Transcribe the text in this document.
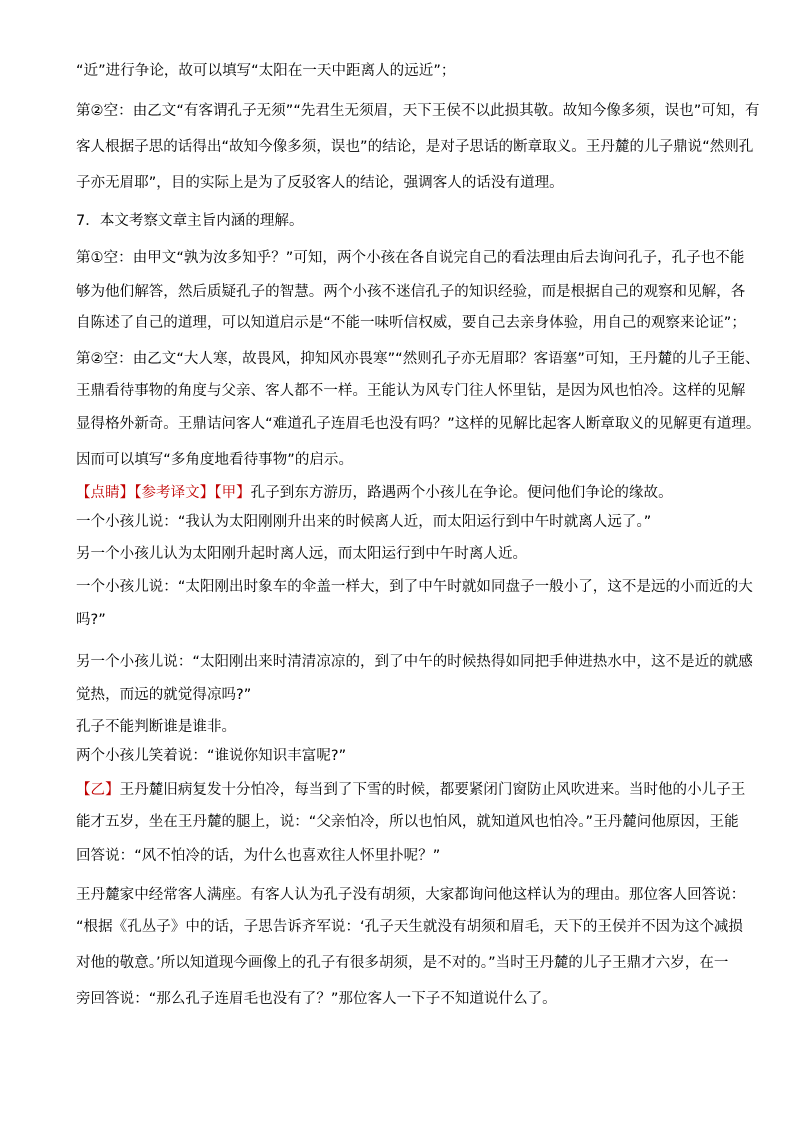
“近”进行争论，故可以填写“太阳在一天中距离人的远近”；
第②空：由乙文“有客谓孔子无须”“先君生无须眉，天下王侯不以此损其敬。故知今像多须，误也”可知，有
客人根据子思的话得出“故知今像多须，误也”的结论，是对子思话的断章取义。王丹麓的儿子鼎说“然则孔
子亦无眉耶”，目的实际上是为了反驳客人的结论，强调客人的话没有道理。
7．本文考察文章主旨内涵的理解。
第①空：由甲文“孰为汝多知乎？”可知，两个小孩在各自说完自己的看法理由后去询问孔子，孔子也不能
够为他们解答，然后质疑孔子的智慧。两个小孩不迷信孔子的知识经验，而是根据自己的观察和见解，各
自陈述了自己的道理，可以知道启示是“不能一味听信权威，要自己去亲身体验，用自己的观察来论证”；
第②空：由乙文“大人寒，故畏风，抑知风亦畏寒”“然则孔子亦无眉耶？客语塞”可知，王丹麓的儿子王能、
王鼎看待事物的角度与父亲、客人都不一样。王能认为风专门往人怀里钻，是因为风也怕冷。这样的见解
显得格外新奇。王鼎诘问客人“难道孔子连眉毛也没有吗？”这样的见解比起客人断章取义的见解更有道理。
因而可以填写“多角度地看待事物”的启示。
【点睛】【参考译文】【甲】孔子到东方游历，路遇两个小孩儿在争论。便问他们争论的缘故。
一个小孩儿说：“我认为太阳刚刚升出来的时候离人近，而太阳运行到中午时就离人远了。”
另一个小孩儿认为太阳刚升起时离人远，而太阳运行到中午时离人近。
一个小孩儿说：“太阳刚出时象车的伞盖一样大，到了中午时就如同盘子一般小了，这不是远的小而近的大
吗?”
另一个小孩儿说：“太阳刚出来时清清凉凉的，到了中午的时候热得如同把手伸进热水中，这不是近的就感
觉热，而远的就觉得凉吗?”
孔子不能判断谁是谁非。
两个小孩儿笑着说：“谁说你知识丰富呢?”
【乙】王丹麓旧病复发十分怕冷，每当到了下雪的时候，都要紧闭门窗防止风吹进来。当时他的小儿子王
能才五岁，坐在王丹麓的腿上，说：“父亲怕冷，所以也怕风，就知道风也怕冷。”王丹麓问他原因，王能
回答说：“风不怕冷的话，为什么也喜欢往人怀里扑呢？”
王丹麓家中经常客人满座。有客人认为孔子没有胡须，大家都询问他这样认为的理由。那位客人回答说：
“根据《孔丛子》中的话，子思告诉齐军说：‘孔子天生就没有胡须和眉毛，天下的王侯并不因为这个减损
对他的敬意。’所以知道现今画像上的孔子有很多胡须，是不对的。”当时王丹麓的儿子王鼎才六岁，在一
旁回答说：“那么孔子连眉毛也没有了？”那位客人一下子不知道说什么了。
